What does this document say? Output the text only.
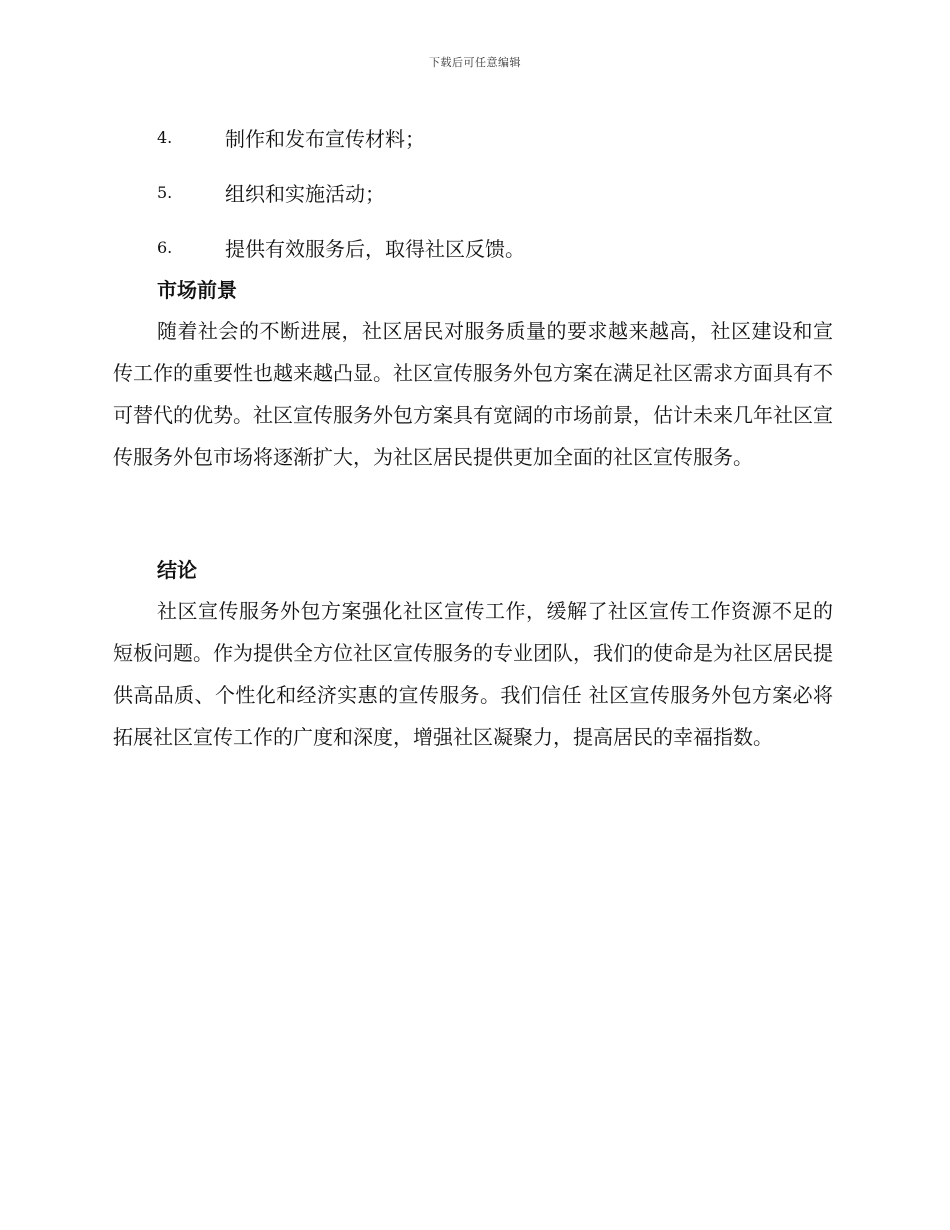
下载后可任意编辑
4.	制作和发布宣传材料；
5.	组织和实施活动；
6.	提供有效服务后，取得社区反馈。
市场前景

随着社会的不断进展，社区居民对服务质量的要求越来越高，社区建设和宣传工作的重要性也越来越凸显。社区宣传服务外包方案在满足社区需求方面具有不可替代的优势。社区宣传服务外包方案具有宽阔的市场前景，估计未来几年社区宣传服务外包市场将逐渐扩大，为社区居民提供更加全面的社区宣传服务。

结论

社区宣传服务外包方案强化社区宣传工作，缓解了社区宣传工作资源不足的短板问题。作为提供全方位社区宣传服务的专业团队，我们的使命是为社区居民提供高品质、个性化和经济实惠的宣传服务。我们信任 社区宣传服务外包方案必将拓展社区宣传工作的广度和深度，增强社区凝聚力，提高居民的幸福指数。
